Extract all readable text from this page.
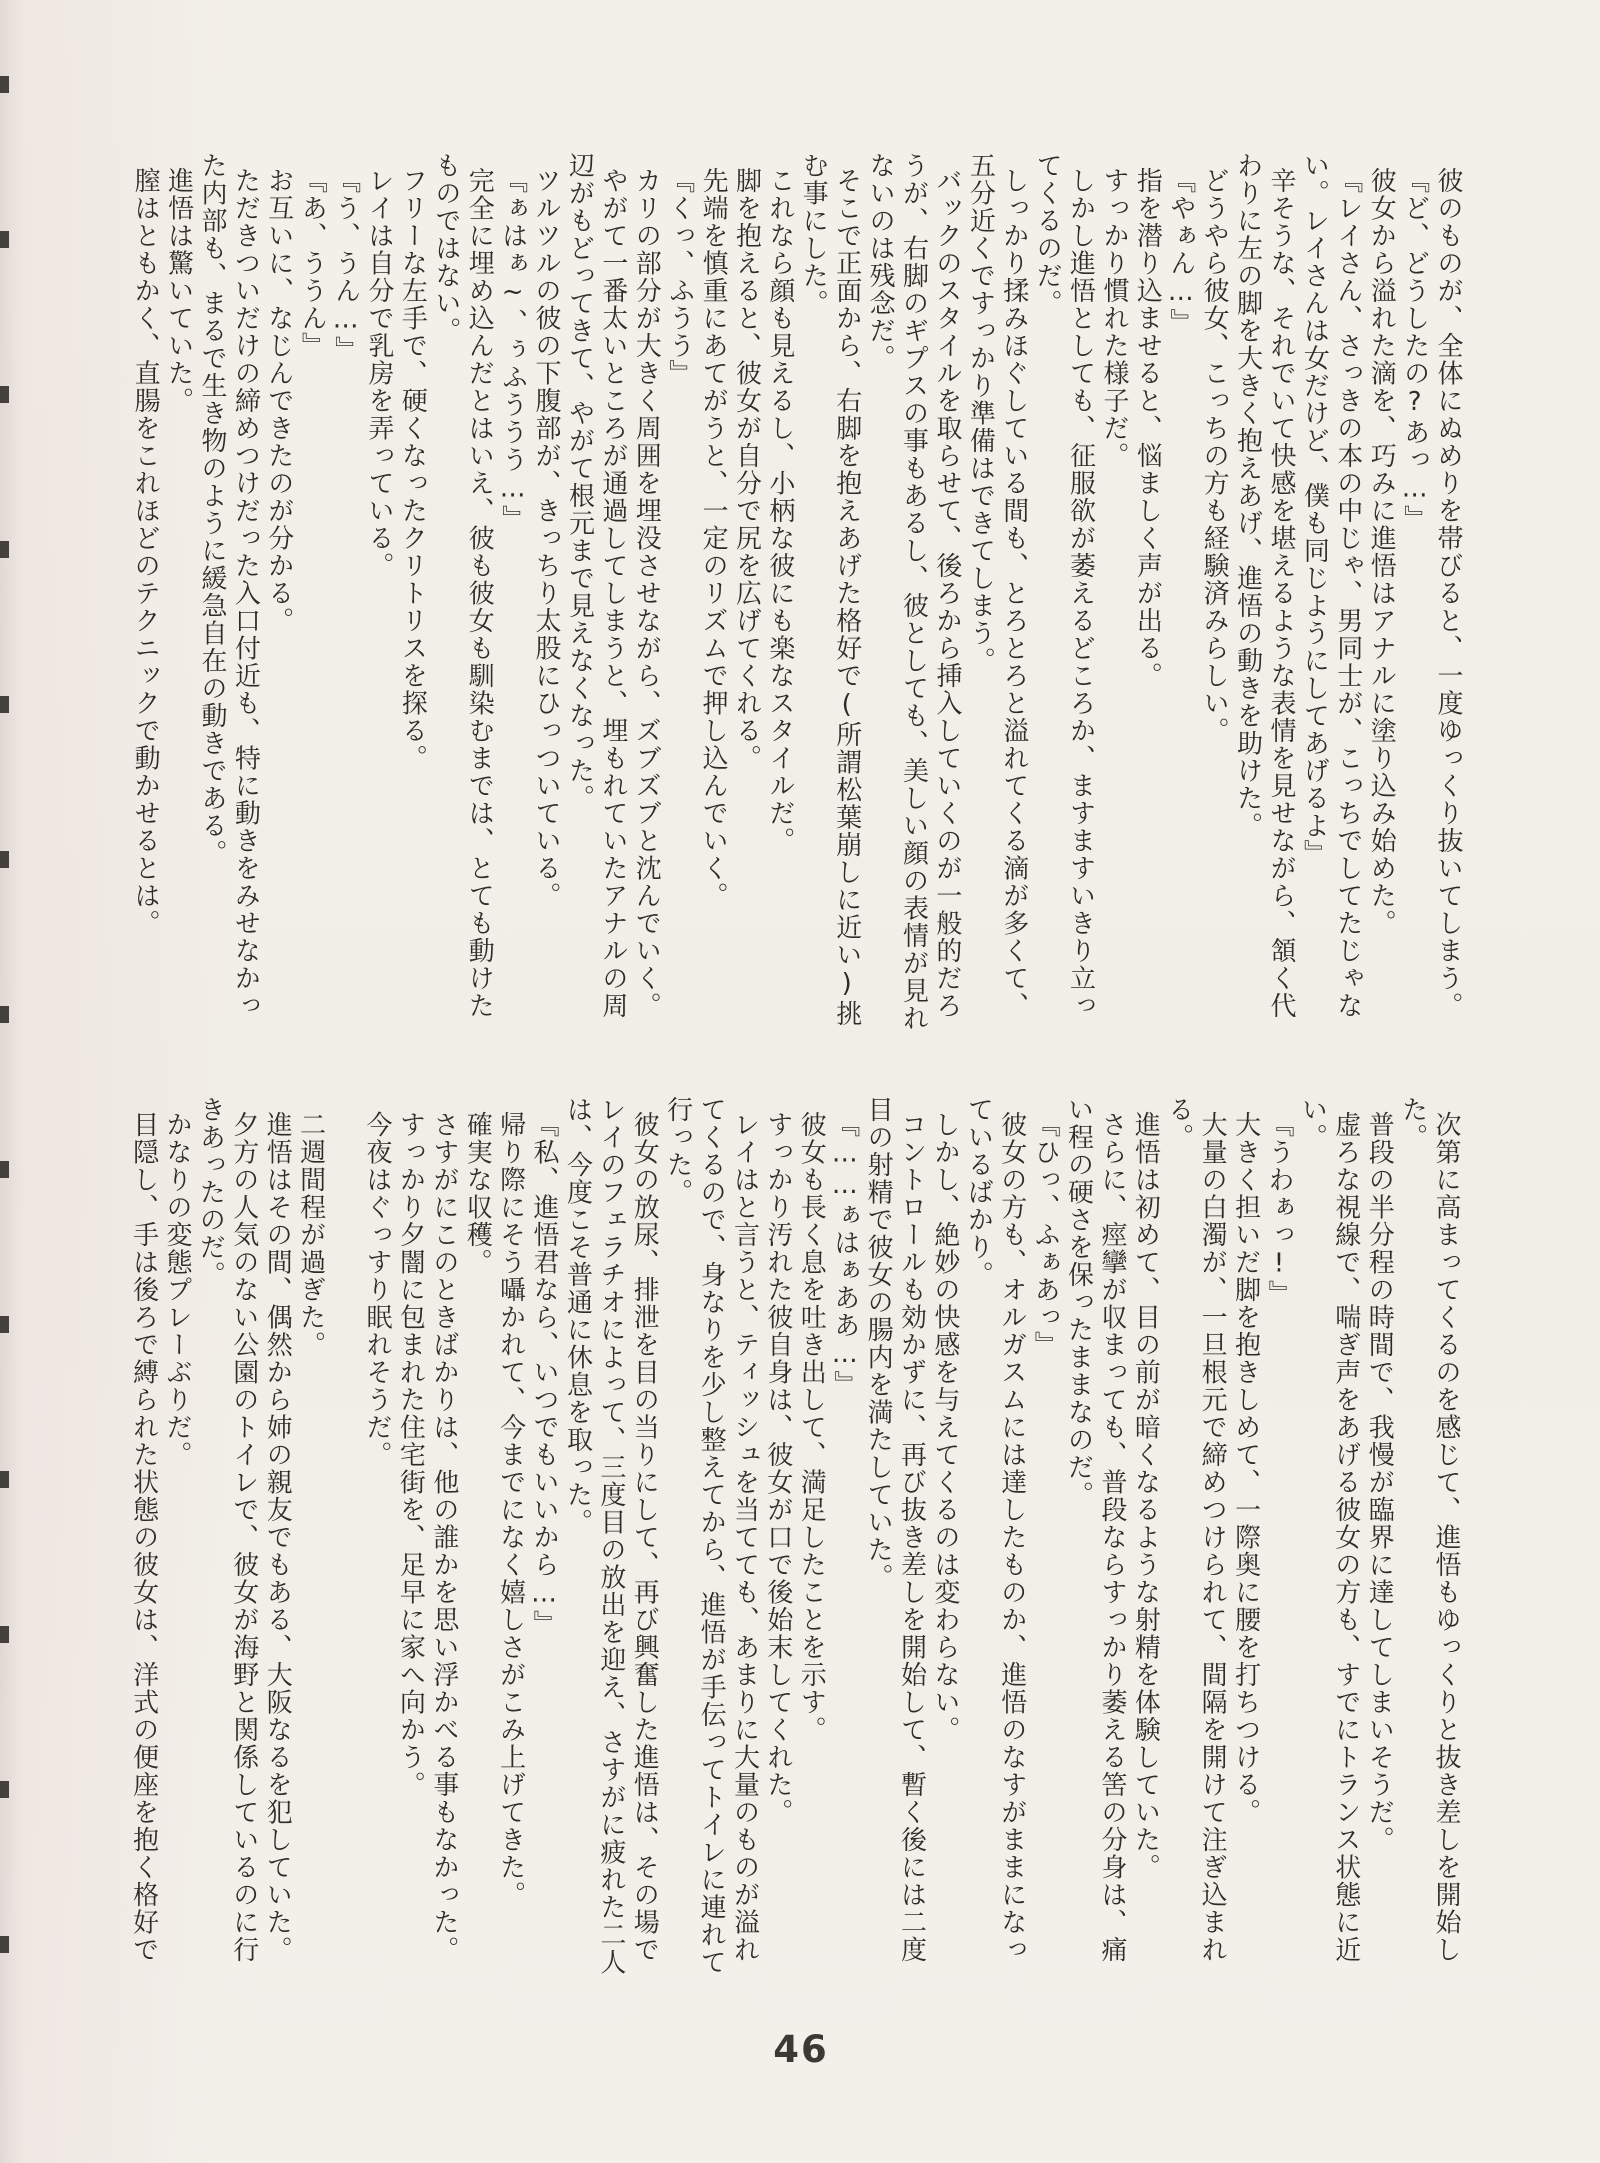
彼のものが、全体にぬめりを帯びると、一度ゆっくり抜いてしまう。
『ど、どうしたの?あっ…』
彼女から溢れた滴を、巧みに進悟はアナルに塗り込み始めた。
『レイさん、さっきの本の中じゃ、男同士が、こっちでしてたじゃな
い。レイさんは女だけど、僕も同じようにしてあげるよ』
辛そうな、それでいて快感を堪えるような表情を見せながら、頷く代
わりに左の脚を大きく抱えあげ、進悟の動きを助けた。
どうやら彼女、こっちの方も経験済みらしい。
『やぁん…』
指を潜り込ませると、悩ましく声が出る。
すっかり慣れた様子だ。
しかし進悟としても、征服欲が萎えるどころか、ますますいきり立っ
てくるのだ。
しっかり揉みほぐしている間も、とろとろと溢れてくる滴が多くて、
五分近くですっかり準備はできてしまう。
バックのスタイルを取らせて、後ろから挿入していくのが一般的だろ
うが、右脚のギプスの事もあるし、彼としても、美しい顔の表情が見れ
ないのは残念だ。
そこで正面から、右脚を抱えあげた格好で(所謂松葉崩しに近い)挑
む事にした。
これなら顔も見えるし、小柄な彼にも楽なスタイルだ。
脚を抱えると、彼女が自分で尻を広げてくれる。
先端を慎重にあてがうと、一定のリズムで押し込んでいく。
『くっ、ふうう』
カリの部分が大きく周囲を埋没させながら、ズブズブと沈んでいく。
やがて一番太いところが通過してしまうと、埋もれていたアナルの周
辺がもどってきて、やがて根元まで見えなくなった。
ツルツルの彼の下腹部が、きっちり太股にひっついている。
『ぁはぁ~、ぅふううう…』
完全に埋め込んだとはいえ、彼も彼女も馴染むまでは、とても動けた
ものではない。
フリーな左手で、硬くなったクリトリスを探る。
レイは自分で乳房を弄っている。
『う、うん…』
『あ、ううん』
お互いに、なじんできたのが分かる。
ただきついだけの締めつけだった入口付近も、特に動きをみせなかっ
た内部も、まるで生き物のように緩急自在の動きである。
進悟は驚いていた。
膣はともかく、直腸をこれほどのテクニックで動かせるとは。
次第に高まってくるのを感じて、進悟もゆっくりと抜き差しを開始し
た。
普段の半分程の時間で、我慢が臨界に達してしまいそうだ。
虚ろな視線で、喘ぎ声をあげる彼女の方も、すでにトランス状態に近
い。
『うわぁっ!』
大きく担いだ脚を抱きしめて、一際奥に腰を打ちつける。
大量の白濁が、一旦根元で締めつけられて、間隔を開けて注ぎ込まれ
る。
進悟は初めて、目の前が暗くなるような射精を体験していた。
さらに、痙攣が収まっても、普段ならすっかり萎える筈の分身は、痛
い程の硬さを保ったままなのだ。
『ひっ、ふぁあっ』
彼女の方も、オルガスムには達したものか、進悟のなすがままになっ
ているばかり。
しかし、絶妙の快感を与えてくるのは変わらない。
コントロールも効かずに、再び抜き差しを開始して、暫く後には二度
目の射精で彼女の腸内を満たしていた。
『……ぁはぁああ…』
彼女も長く息を吐き出して、満足したことを示す。
すっかり汚れた彼自身は、彼女が口で後始末してくれた。
レイはと言うと、ティッシュを当てても、あまりに大量のものが溢れ
てくるので、身なりを少し整えてから、進悟が手伝ってトイレに連れて
行った。
彼女の放尿、排泄を目の当りにして、再び興奮した進悟は、その場で
レイのフェラチオによって、三度目の放出を迎え、さすがに疲れた二人
は、今度こそ普通に休息を取った。
『私、進悟君なら、いつでもいいから…』
帰り際にそう囁かれて、今までになく嬉しさがこみ上げてきた。
確実な収穫。
さすがにこのときばかりは、他の誰かを思い浮かべる事もなかった。
すっかり夕闇に包まれた住宅街を、足早に家へ向かう。
今夜はぐっすり眠れそうだ。
二週間程が過ぎた。
進悟はその間、偶然から姉の親友でもある、大阪なるを犯していた。
夕方の人気のない公園のトイレで、彼女が海野と関係しているのに行
きあったのだ。
かなりの変態プレーぶりだ。
目隠し、手は後ろで縛られた状態の彼女は、洋式の便座を抱く格好で
46
